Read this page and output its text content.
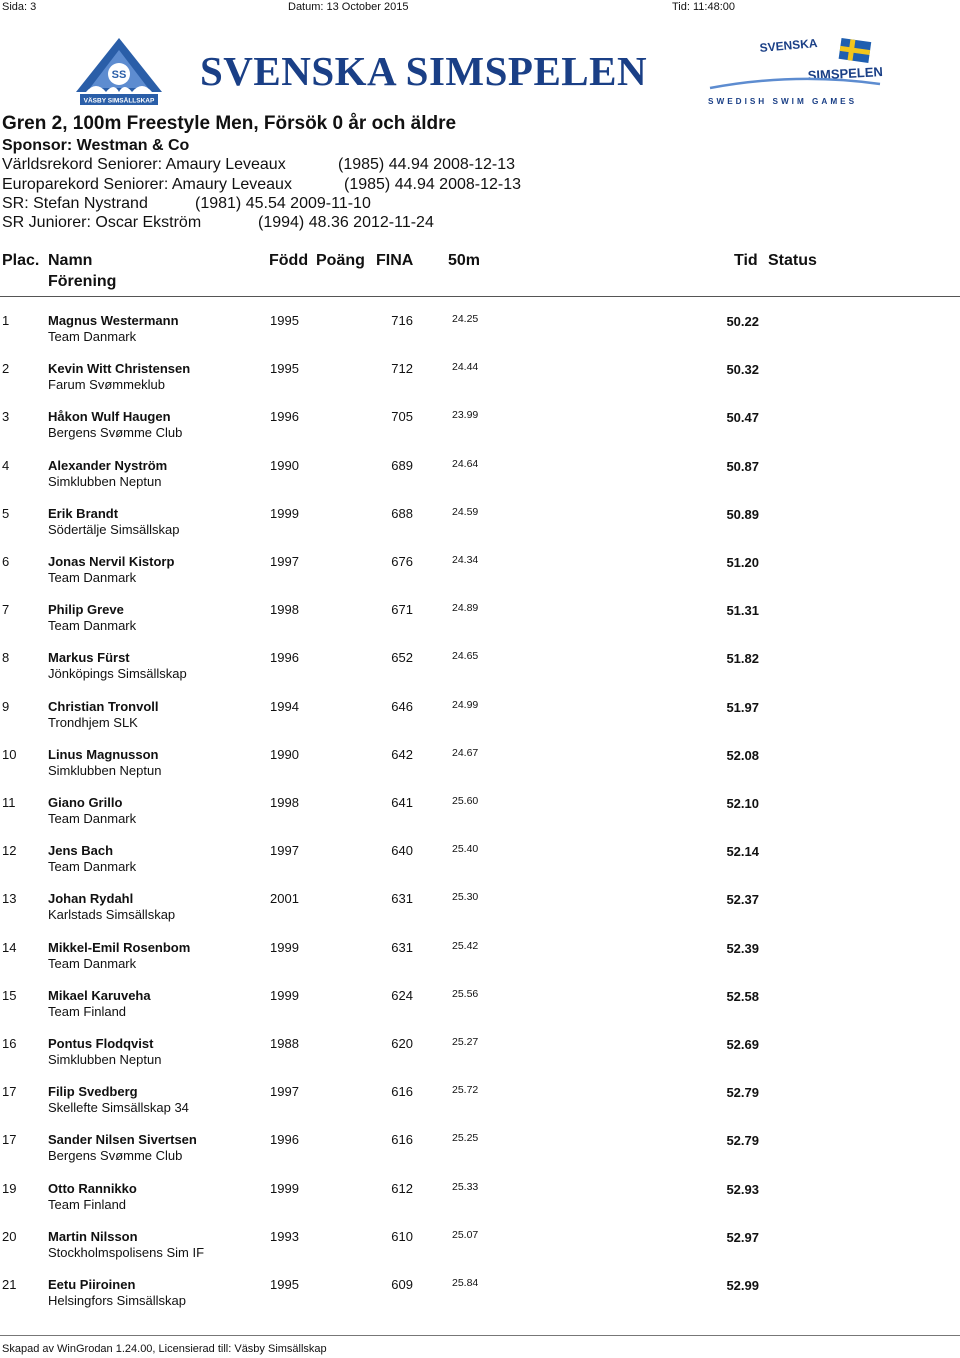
Sida: 3	Datum: 13 October 2015	Tid: 11:48:00
SS
VÄSBY SIMSÄLLSKAP
SVENSKA SIMSPELEN
SVENSKA
SIMSPELEN
SWEDISH SWIM GAMES
Gren 2, 100m Freestyle Men, Försök 0 år och äldre
Sponsor: Westman & Co
Världsrekord Seniorer: Amaury Leveaux	(1985) 44.94 2008-12-13
Europarekord Seniorer: Amaury Leveaux	(1985) 44.94 2008-12-13
SR: Stefan Nystrand	(1981) 45.54 2009-11-10
SR Juniorer: Oscar Ekström	(1994) 48.36 2012-11-24
Plac. Namn
Förening
Född Poäng FINA 50m	Tid Status
1	Magnus Westermann
Team Danmark
1995	716	24.25	50.22
2	Kevin Witt Christensen
Farum Svømmeklub
1995	712	24.44	50.32
3	Håkon Wulf Haugen
Bergens Svømme Club
1996	705	23.99	50.47
4	Alexander Nyström
Simklubben Neptun
1990	689	24.64	50.87
5	Erik Brandt
Södertälje Simsällskap
1999	688	24.59	50.89
6	Jonas Nervil Kistorp
Team Danmark
1997	676	24.34	51.20
7	Philip Greve
Team Danmark
1998	671	24.89	51.31
8	Markus Fürst
Jönköpings Simsällskap
1996	652	24.65	51.82
9	Christian Tronvoll
Trondhjem SLK
1994	646	24.99	51.97
10 Linus Magnusson
Simklubben Neptun
1990	642	24.67	52.08
11	Giano Grillo
Team Danmark
1998	641	25.60	52.10
12 Jens Bach
Team Danmark
1997	640	25.40	52.14
13 Johan Rydahl
Karlstads Simsällskap
2001	631	25.30	52.37
14 Mikkel-Emil Rosenbom
Team Danmark
1999	631	25.42	52.39
15 Mikael Karuveha
Team Finland
1999	624	25.56	52.58
16 Pontus Flodqvist
Simklubben Neptun
1988	620	25.27	52.69
17 Filip Svedberg
Skellefte Simsällskap 34
1997	616	25.72	52.79
17 Sander Nilsen Sivertsen
Bergens Svømme Club
1996	616	25.25	52.79
19 Otto Rannikko
Team Finland
1999	612	25.33	52.93
20 Martin Nilsson
Stockholmspolisens Sim IF
1993	610	25.07	52.97
21 Eetu Piiroinen
Helsingfors Simsällskap
1995	609	25.84	52.99
Skapad av WinGrodan 1.24.00, Licensierad till: Väsby Simsällskap
